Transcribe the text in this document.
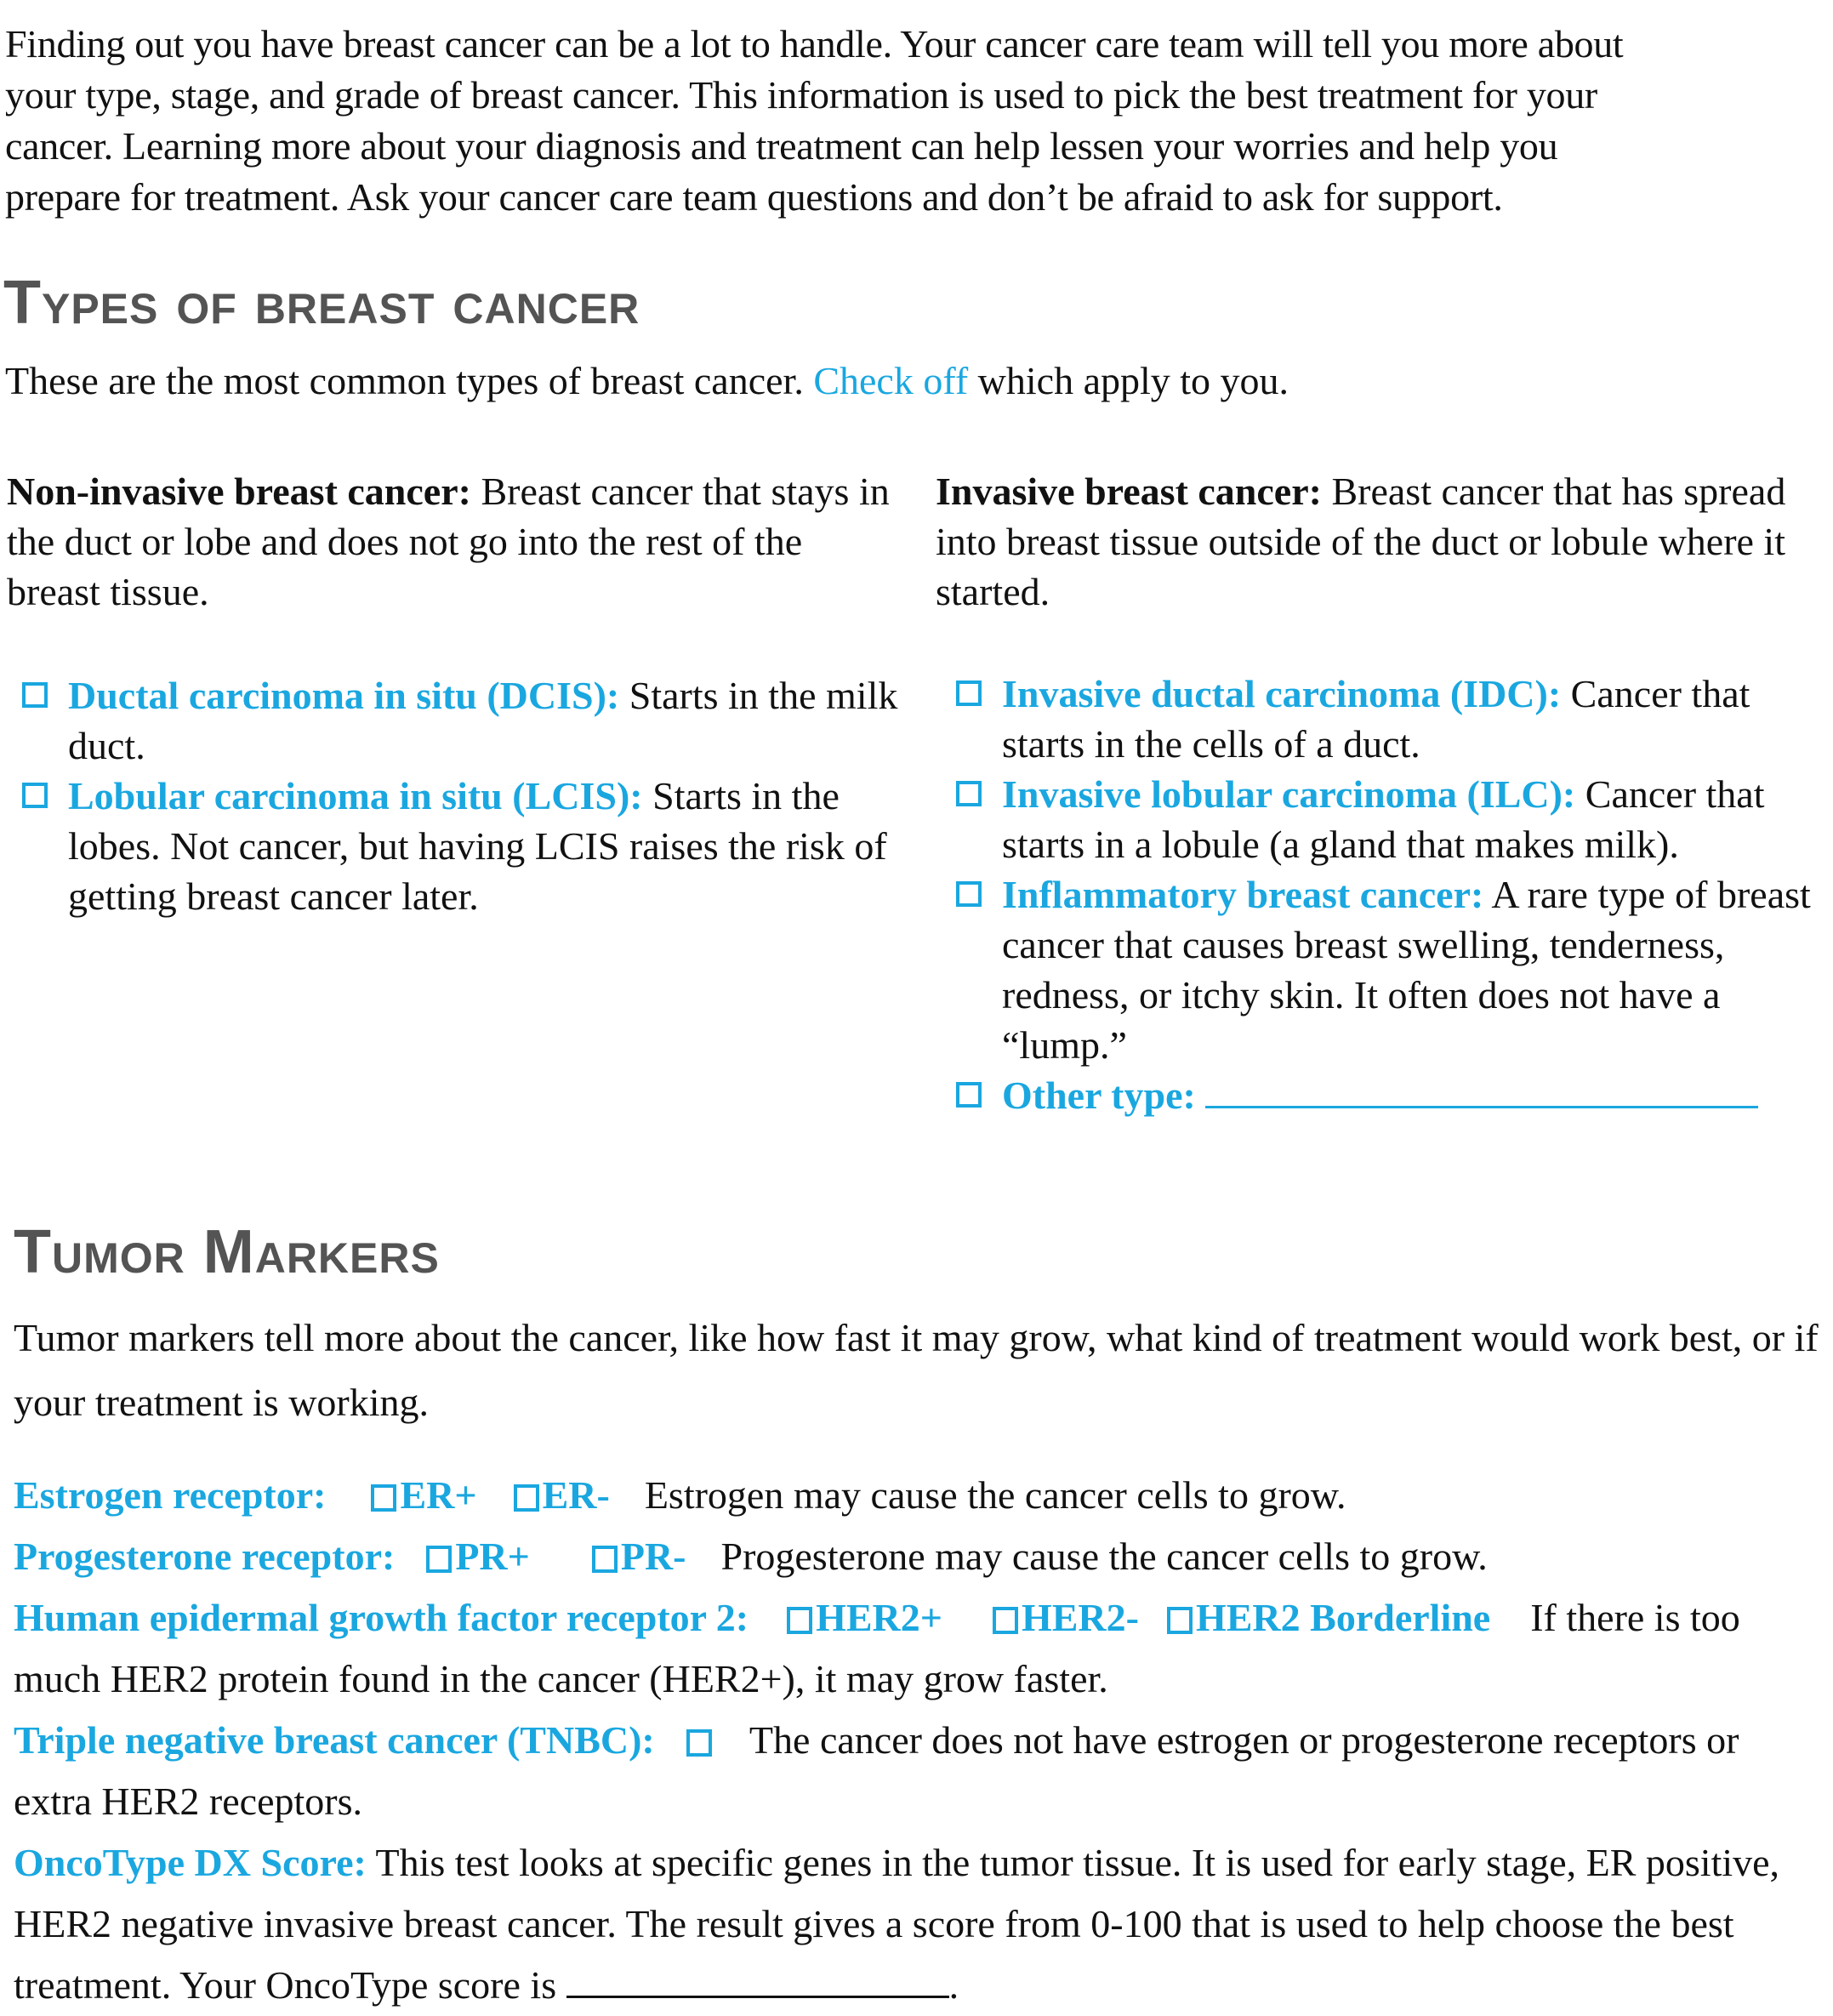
Finding out you have breast cancer can be a lot to handle. Your cancer care team will tell you more about
your type, stage, and grade of breast cancer. This information is used to pick the best treatment for your
cancer. Learning more about your diagnosis and treatment can help lessen your worries and help you
prepare for treatment. Ask your cancer care team questions and don’t be afraid to ask for support.
Types of breast cancer
These are the most common types of breast cancer. Check off which apply to you.
Non-invasive breast cancer: Breast cancer that stays in the duct or lobe and does not go into the rest of the breast tissue.
Invasive breast cancer: Breast cancer that has spread into breast tissue outside of the duct or lobule where it started.
Ductal carcinoma in situ (DCIS): Starts in the milk duct.
Lobular carcinoma in situ (LCIS): Starts in the lobes. Not cancer, but having LCIS raises the risk of getting breast cancer later.
Invasive ductal carcinoma (IDC): Cancer that starts in the cells of a duct.
Invasive lobular carcinoma (ILC): Cancer that starts in a lobule (a gland that makes milk).
Inflammatory breast cancer: A rare type of breast cancer that causes breast swelling, tenderness, redness, or itchy skin. It often does not have a “lump.”
Other type:
Tumor Markers
Tumor markers tell more about the cancer, like how fast it may grow, what kind of treatment would work best, or if your treatment is working.
Estrogen receptor: ER+ ER- Estrogen may cause the cancer cells to grow.
Progesterone receptor: PR+ PR- Progesterone may cause the cancer cells to grow.
Human epidermal growth factor receptor 2: HER2+ HER2- HER2 Borderline If there is too much HER2 protein found in the cancer (HER2+), it may grow faster.
Triple negative breast cancer (TNBC): The cancer does not have estrogen or progesterone receptors or extra HER2 receptors.
OncoType DX Score: This test looks at specific genes in the tumor tissue. It is used for early stage, ER positive, HER2 negative invasive breast cancer. The result gives a score from 0-100 that is used to help choose the best treatment. Your OncoType score is	.
